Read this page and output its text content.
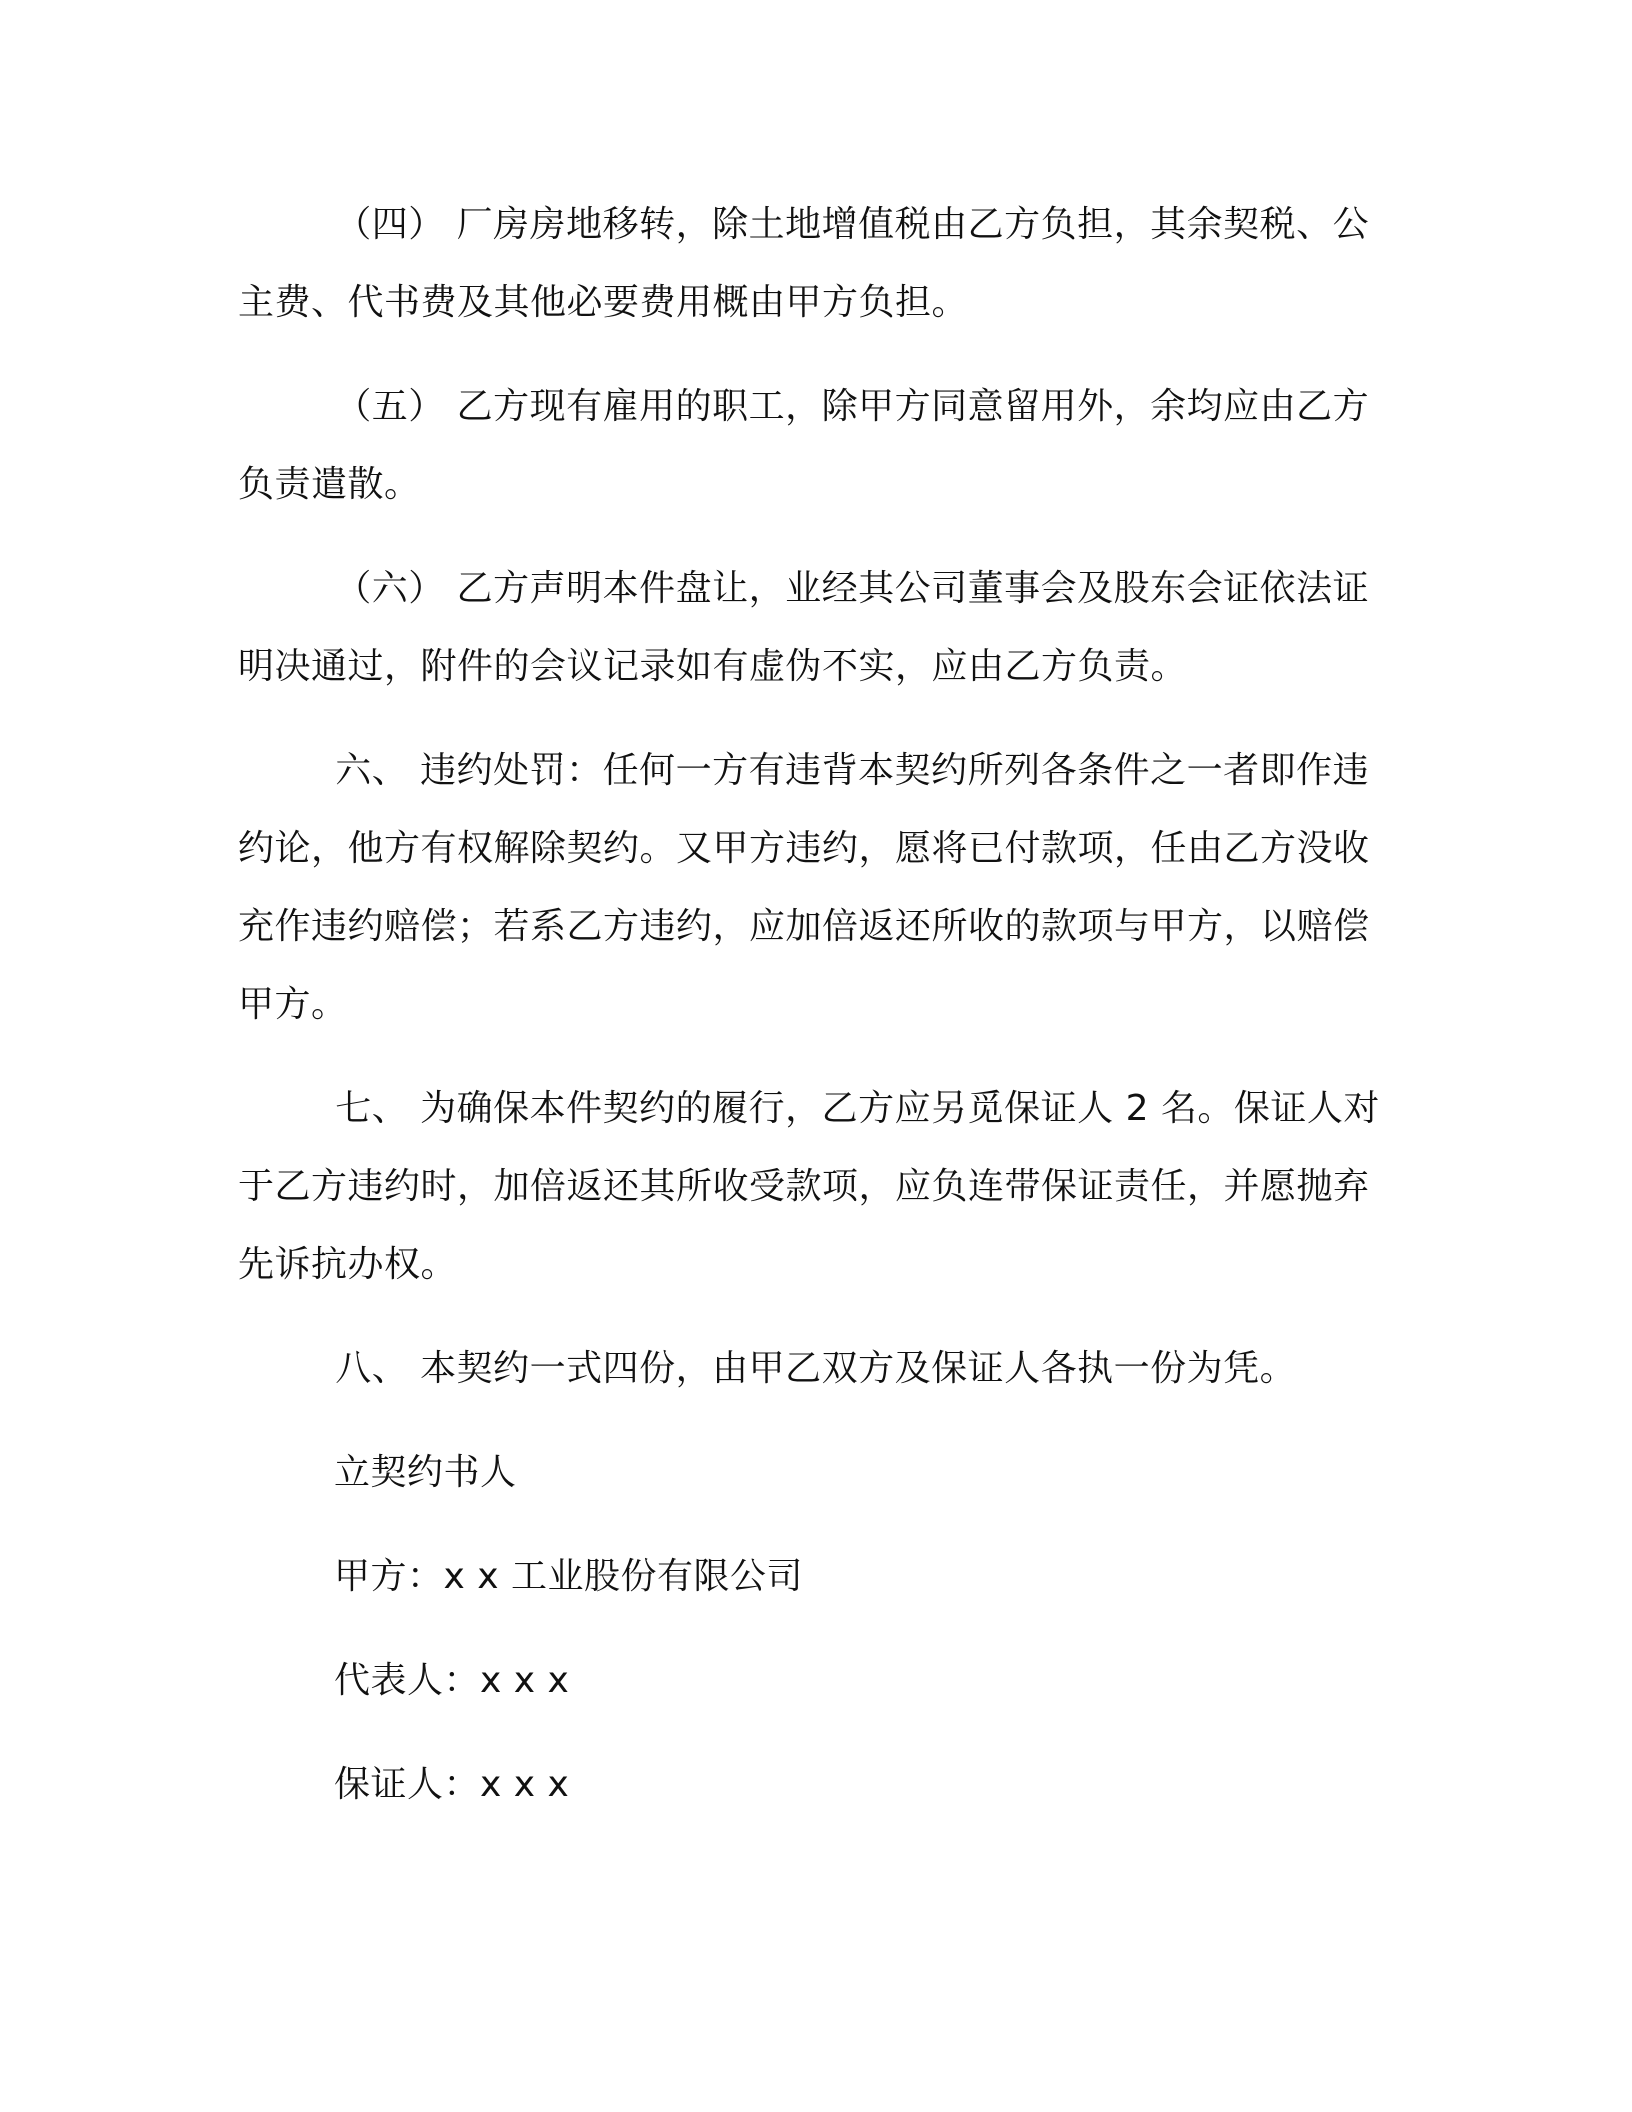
（四） 厂房房地移转，除土地增值税由乙方负担，其余契税、公主费、代书费及其他必要费用概由甲方负担。

（五） 乙方现有雇用的职工，除甲方同意留用外，余均应由乙方负责遣散。

（六） 乙方声明本件盘让，业经其公司董事会及股东会证依法证明决通过，附件的会议记录如有虚伪不实，应由乙方负责。

六、 违约处罚：任何一方有违背本契约所列各条件之一者即作违约论，他方有权解除契约。又甲方违约，愿将已付款项，任由乙方没收充作违约赔偿；若系乙方违约，应加倍返还所收的款项与甲方，以赔偿甲方。

七、 为确保本件契约的履行，乙方应另觅保证人 2 名。保证人对于乙方违约时，加倍返还其所收受款项，应负连带保证责任，并愿抛弃先诉抗办权。

八、 本契约一式四份，由甲乙双方及保证人各执一份为凭。

立契约书人

甲方：x x 工业股份有限公司

代表人：x x x

保证人：x x x
